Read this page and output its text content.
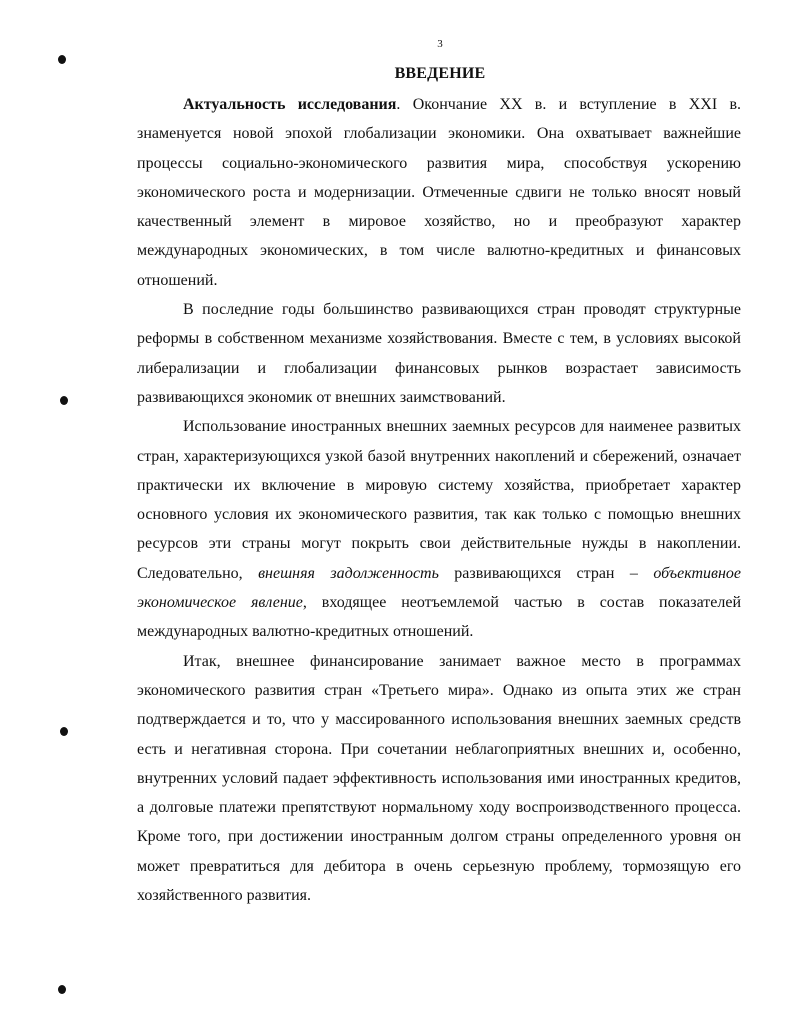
3
ВВЕДЕНИЕ

Актуальность исследования. Окончание XX в. и вступление в XXI в. знаменуется новой эпохой глобализации экономики. Она охватывает важнейшие процессы социально-экономического развития мира, способствуя ускорению экономического роста и модернизации. Отмеченные сдвиги не только вносят новый качественный элемент в мировое хозяйство, но и преобразуют характер международных экономических, в том числе валютно-кредитных и финансовых отношений.

В последние годы большинство развивающихся стран проводят структурные реформы в собственном механизме хозяйствования. Вместе с тем, в условиях высокой либерализации и глобализации финансовых рынков возрастает зависимость развивающихся экономик от внешних заимствований.

Использование иностранных внешних заемных ресурсов для наименее развитых стран, характеризующихся узкой базой внутренних накоплений и сбережений, означает практически их включение в мировую систему хозяйства, приобретает характер основного условия их экономического развития, так как только с помощью внешних ресурсов эти страны могут покрыть свои действительные нужды в накоплении. Следовательно, внешняя задолженность развивающихся стран – объективное экономическое явление, входящее неотъемлемой частью в состав показателей международных валютно-кредитных отношений.

Итак, внешнее финансирование занимает важное место в программах экономического развития стран «Третьего мира». Однако из опыта этих же стран подтверждается и то, что у массированного использования внешних заемных средств есть и негативная сторона. При сочетании неблагоприятных внешних и, особенно, внутренних условий падает эффективность использования ими иностранных кредитов, а долговые платежи препятствуют нормальному ходу воспроизводственного процесса. Кроме того, при достижении иностранным долгом страны определенного уровня он может превратиться для дебитора в очень серьезную проблему, тормозящую его хозяйственного развития.
